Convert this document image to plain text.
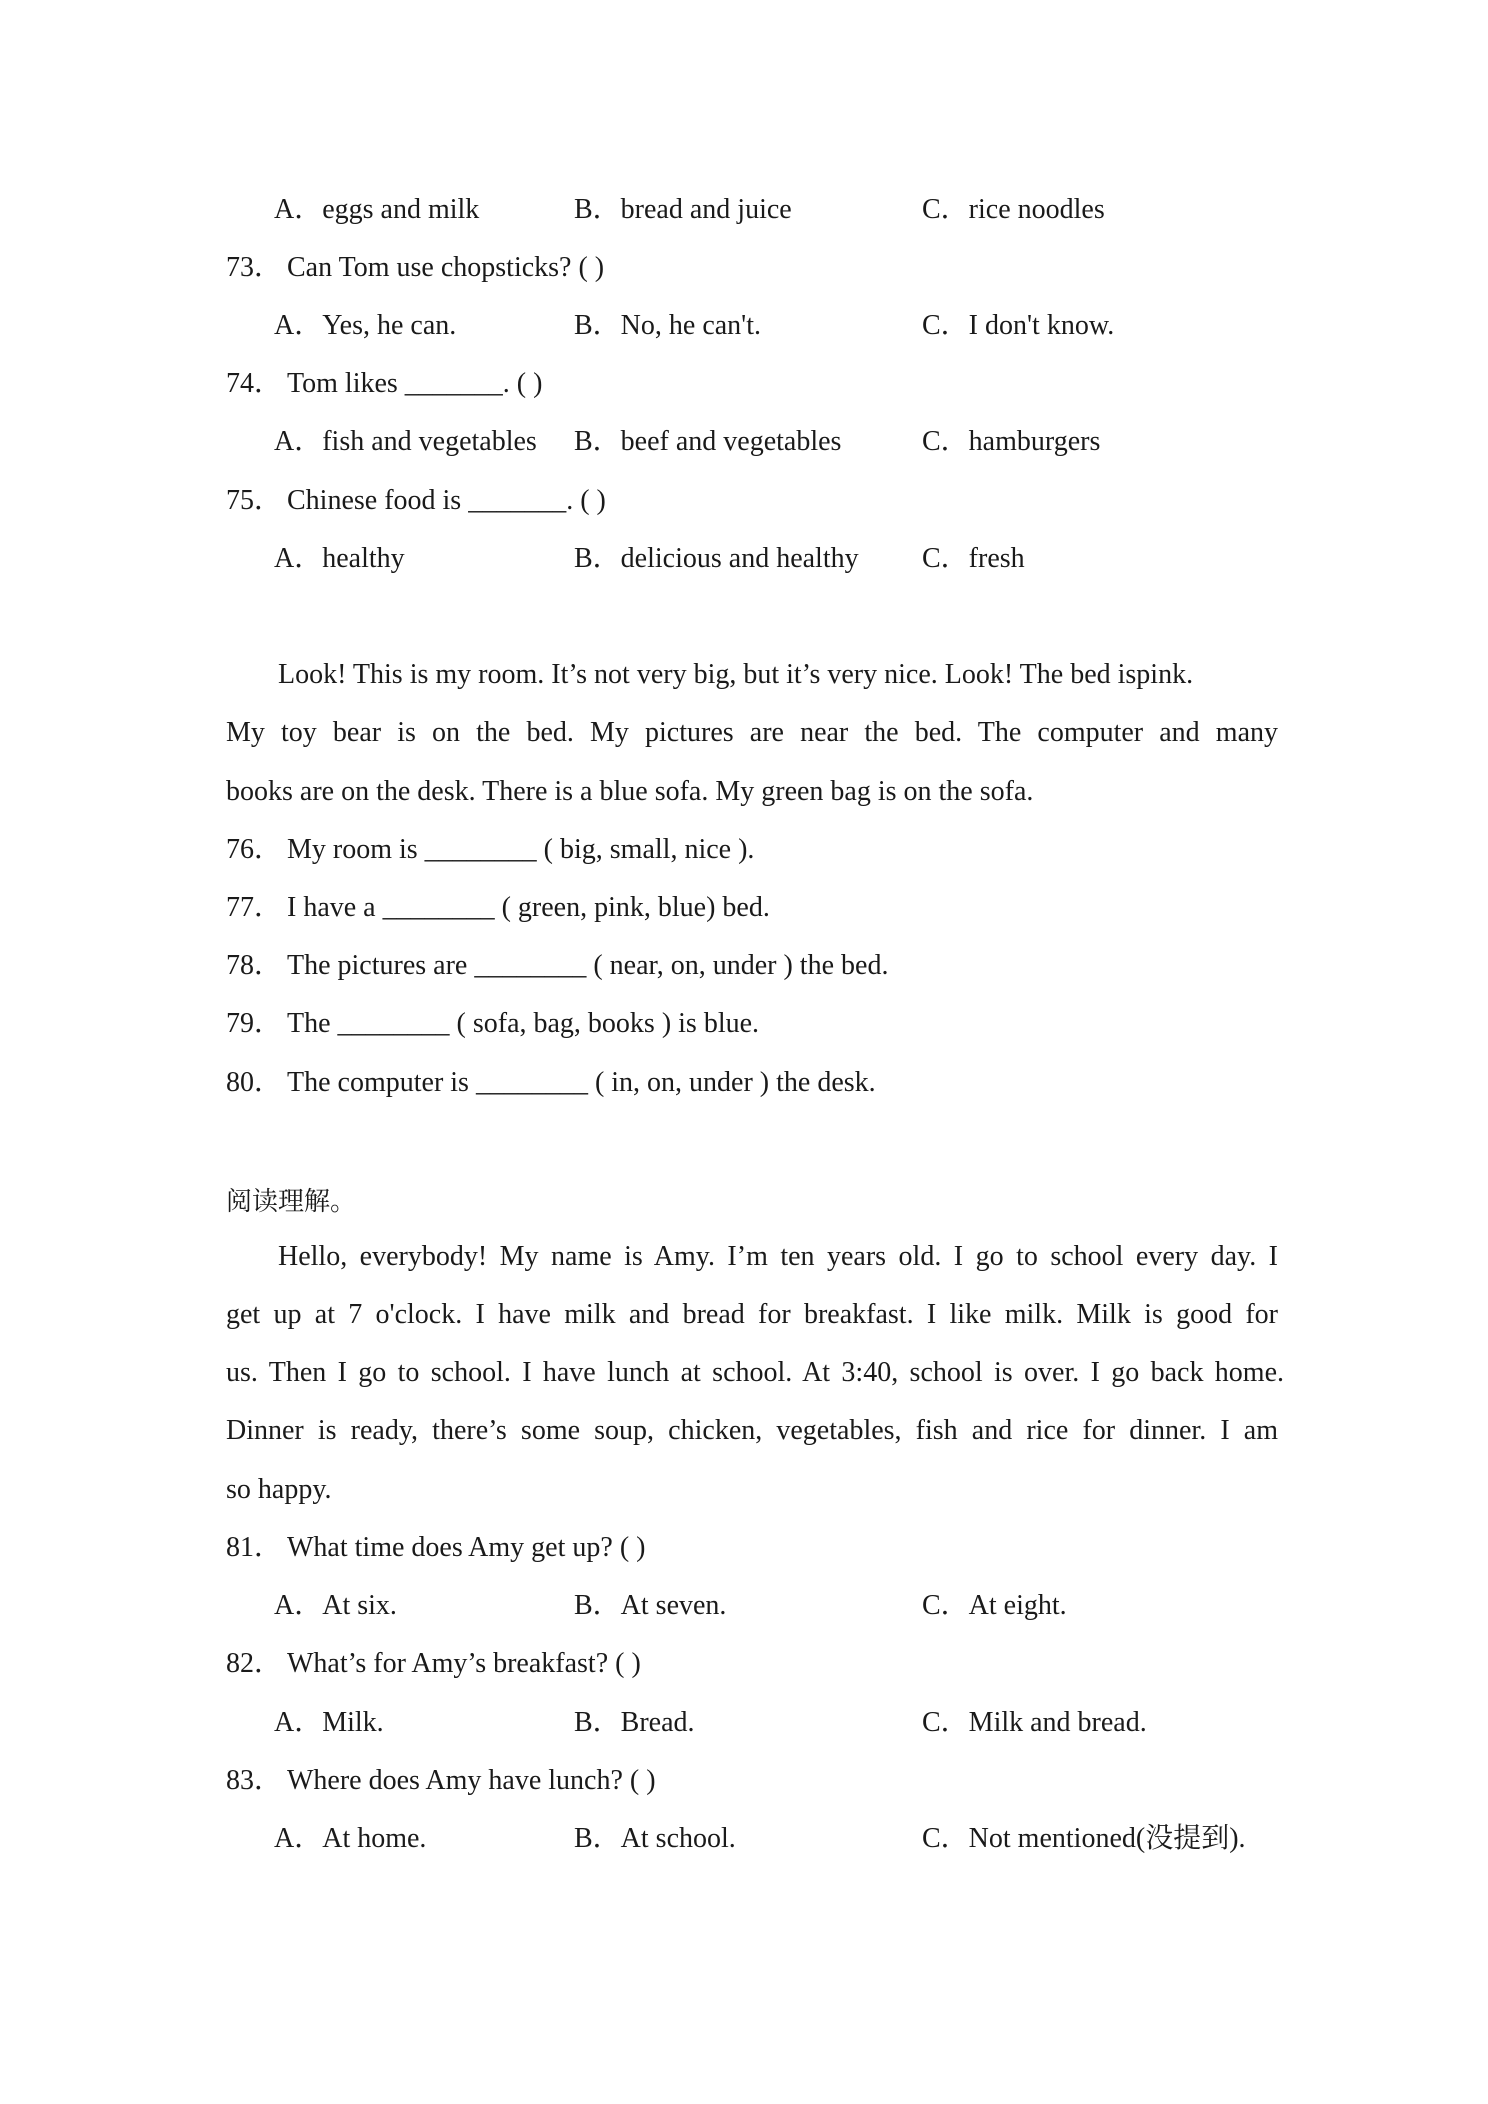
A．eggs and milk	B．bread and juice	C．rice noodles
73． Can Tom use chopsticks? ( )
A．Yes, he can.	B．No, he can't.	C．I don't know.
74． Tom likes _______. ( )
A．fish and vegetables B．beef and vegetables	C．hamburgers
75． Chinese food is _______. ( )
A．healthy	B．delicious and healthy C．fresh
Look! This is my room. It’s not very big, but it’s very nice. Look! The bed ispink.
My toy bear is on the bed. My pictures are near the bed. The computer and many
books are on the desk. There is a blue sofa. My green bag is on the sofa.
76． My room is ________ ( big, small, nice ).
77． I have a ________ ( green, pink, blue) bed.
78． The pictures are ________ ( near, on, under ) the bed.
79． The ________ ( sofa, bag, books ) is blue.
80． The computer is ________ ( in, on, under ) the desk.
阅读理解。
Hello, everybody! My name is Amy. I’m ten years old. I go to school every day. I
get up at 7 o'clock. I have milk and bread for breakfast. I like milk. Milk is good for
us. Then I go to school. I have lunch at school. At 3:40, school is over. I go back home.
Dinner is ready, there’s some soup, chicken, vegetables, fish and rice for dinner. I am
so happy.
81． What time does Amy get up? ( )
A．At six.	B．At seven.	C．At eight.
82． What’s for Amy’s breakfast? ( )
A．Milk.	B．Bread.	C．Milk and bread.
83． Where does Amy have lunch? ( )
A．At home.	B．At school.	C．Not mentioned(没提到).
